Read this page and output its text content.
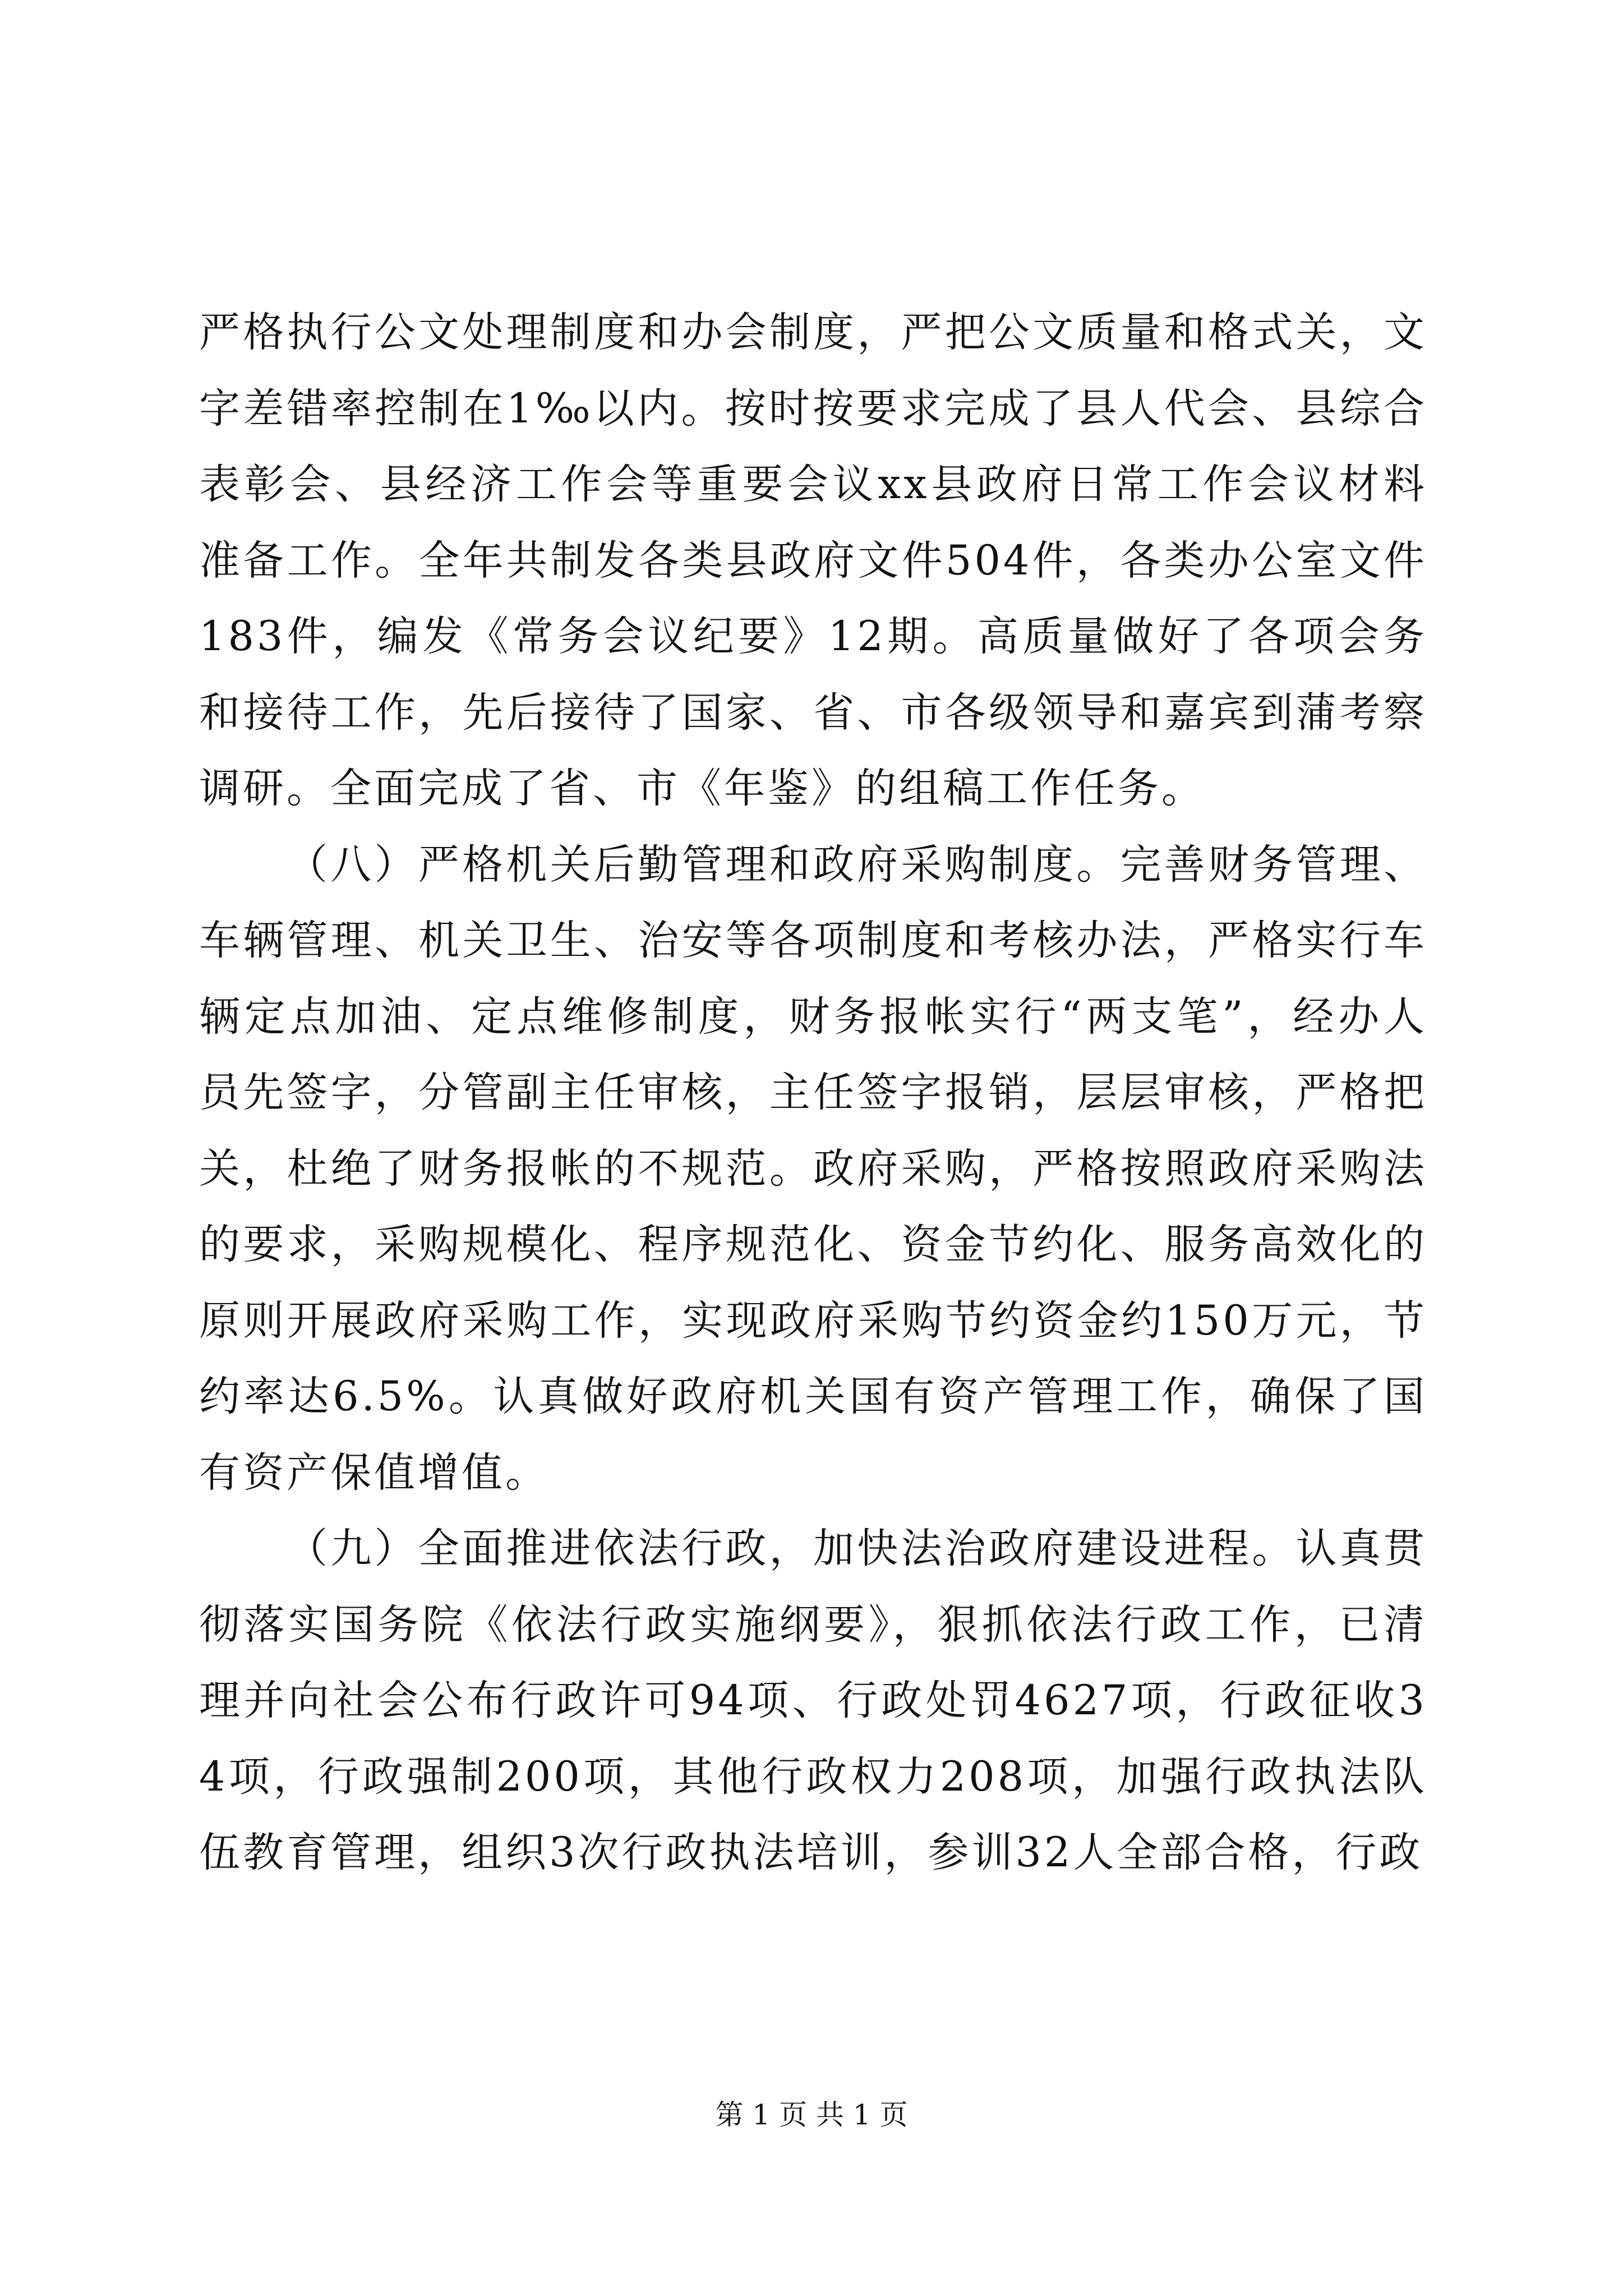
严格执行公文处理制度和办会制度，严把公文质量和格式关，文字差错率控制在1‰以内。按时按要求完成了县人代会、县综合表彰会、县经济工作会等重要会议xx县政府日常工作会议材料准备工作。全年共制发各类县政府文件504件，各类办公室文件183件，编发《常务会议纪要》12期。高质量做好了各项会务和接待工作，先后接待了国家、省、市各级领导和嘉宾到蒲考察调研。全面完成了省、市《年鉴》的组稿工作任务。

（八）严格机关后勤管理和政府采购制度。完善财务管理、车辆管理、机关卫生、治安等各项制度和考核办法，严格实行车辆定点加油、定点维修制度，财务报帐实行“两支笔”，经办人员先签字，分管副主任审核，主任签字报销，层层审核，严格把关，杜绝了财务报帐的不规范。政府采购，严格按照政府采购法的要求，采购规模化、程序规范化、资金节约化、服务高效化的原则开展政府采购工作，实现政府采购节约资金约150万元，节约率达6.5%。认真做好政府机关国有资产管理工作，确保了国有资产保值增值。

（九）全面推进依法行政，加快法治政府建设进程。认真贯彻落实国务院《依法行政实施纲要》，狠抓依法行政工作，已清理并向社会公布行政许可94项、行政处罚4627项，行政征收34项，行政强制200项，其他行政权力208项，加强行政执法队伍教育管理，组织3次行政执法培训，参训32人全部合格，行政

第 1 页 共 1 页
